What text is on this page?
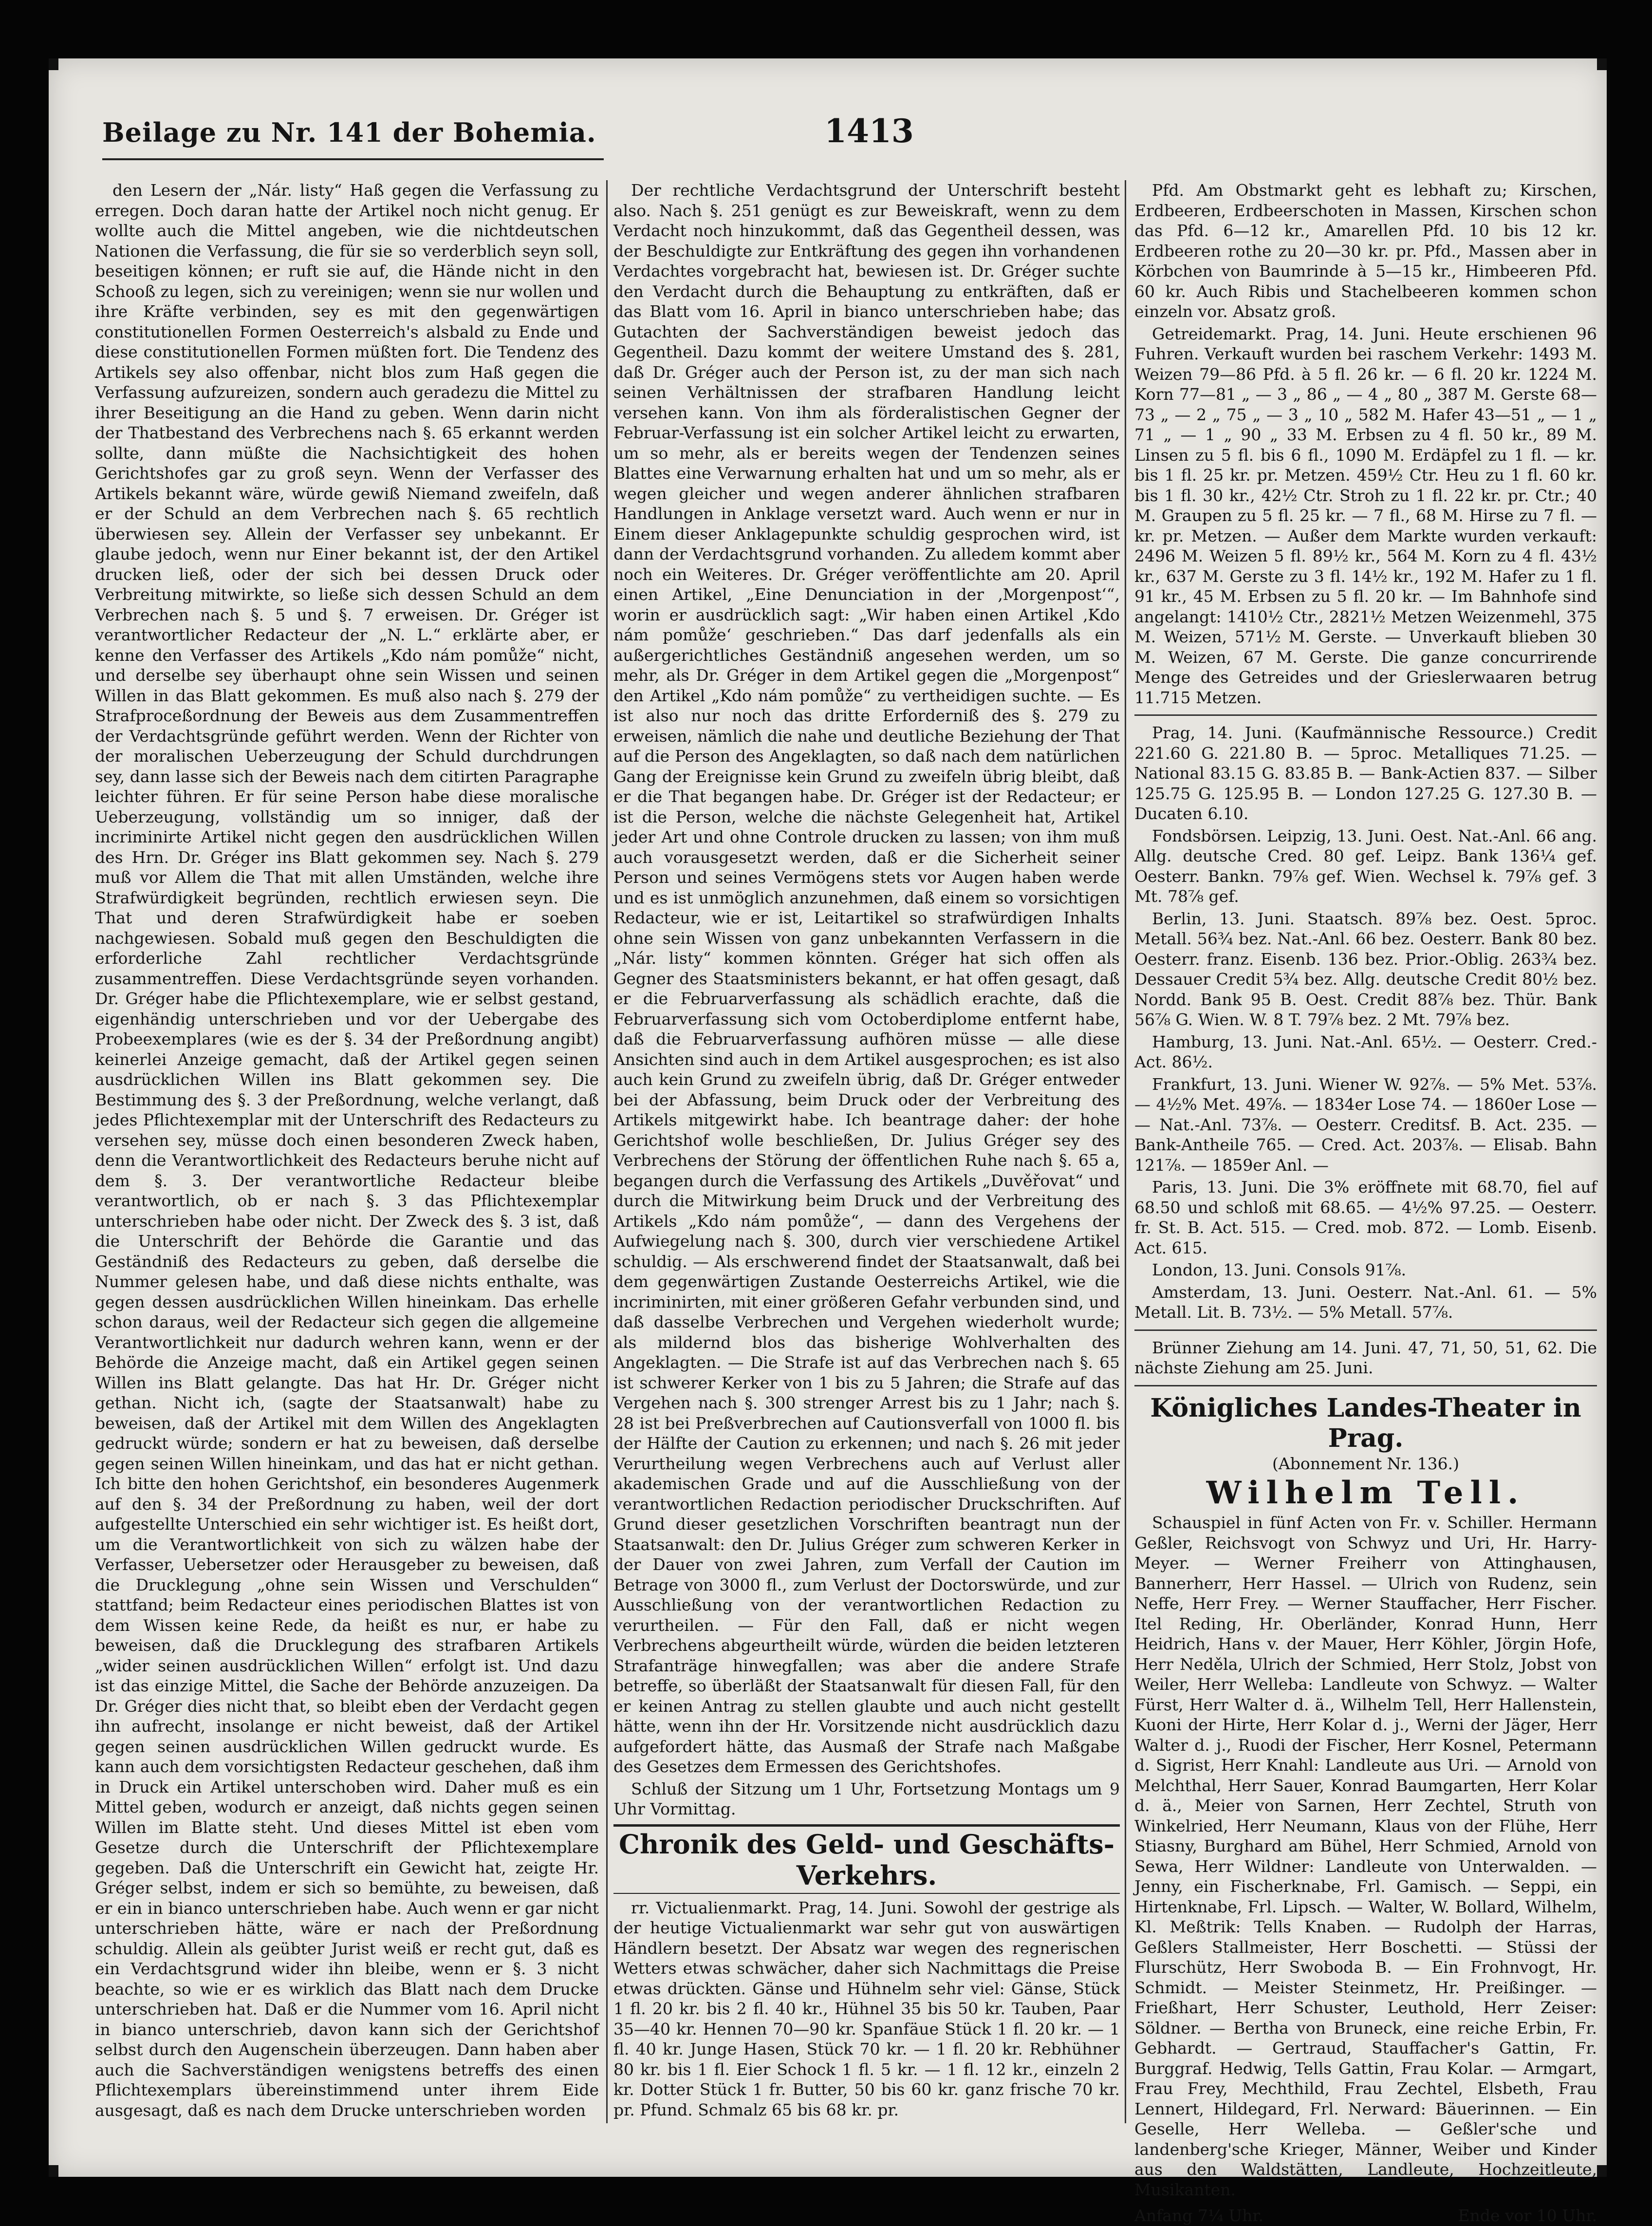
Beilage zu Nr. 141 der Bohemia.	1413

den Lesern der „Nár. listy“ Haß gegen die Verfassung zu erregen. Doch daran hatte der Artikel noch nicht genug. Er wollte auch die Mittel angeben, wie die nichtdeutschen Nationen die Verfassung, die für sie so verderblich seyn soll, beseitigen können; er ruft sie auf, die Hände nicht in den Schooß zu legen, sich zu vereinigen; wenn sie nur wollen und ihre Kräfte verbinden, sey es mit den gegenwärtigen constitutionellen Formen Oesterreich's alsbald zu Ende und diese constitutionellen Formen müßten fort. Die Tendenz des Artikels sey also offenbar, nicht blos zum Haß gegen die Verfassung aufzureizen, sondern auch geradezu die Mittel zu ihrer Beseitigung an die Hand zu geben. Wenn darin nicht der Thatbestand des Verbrechens nach §. 65 erkannt werden sollte, dann müßte die Nachsichtigkeit des hohen Gerichtshofes gar zu groß seyn. Wenn der Verfasser des Artikels bekannt wäre, würde gewiß Niemand zweifeln, daß er der Schuld an dem Verbrechen nach §. 65 rechtlich überwiesen sey. Allein der Verfasser sey unbekannt. Er glaube jedoch, wenn nur Einer bekannt ist, der den Artikel drucken ließ, oder der sich bei dessen Druck oder Verbreitung mitwirkte, so ließe sich dessen Schuld an dem Verbrechen nach §. 5 und §. 7 erweisen. Dr. Gréger ist verantwortlicher Redacteur der „N. L.“ erklärte aber, er kenne den Verfasser des Artikels „Kdo nám pomůže“ nicht, und derselbe sey überhaupt ohne sein Wissen und seinen Willen in das Blatt gekommen. Es muß also nach §. 279 der Strafproceßordnung der Beweis aus dem Zusammentreffen der Verdachtsgründe geführt werden. Wenn der Richter von der moralischen Ueberzeugung der Schuld durchdrungen sey, dann lasse sich der Beweis nach dem citirten Paragraphe leichter führen. Er für seine Person habe diese moralische Ueberzeugung, vollständig um so inniger, daß der incriminirte Artikel nicht gegen den ausdrücklichen Willen des Hrn. Dr. Gréger ins Blatt gekommen sey. Nach §. 279 muß vor Allem die That mit allen Umständen, welche ihre Strafwürdigkeit begründen, rechtlich erwiesen seyn. Die That und deren Strafwürdigkeit habe er soeben nachgewiesen. Sobald muß gegen den Beschuldigten die erforderliche Zahl rechtlicher Verdachtsgründe zusammentreffen. Diese Verdachtsgründe seyen vorhanden. Dr. Gréger habe die Pflichtexemplare, wie er selbst gestand, eigenhändig unterschrieben und vor der Uebergabe des Probeexemplares (wie es der §. 34 der Preßordnung angibt) keinerlei Anzeige gemacht, daß der Artikel gegen seinen ausdrücklichen Willen ins Blatt gekommen sey. Die Bestimmung des §. 3 der Preßordnung, welche verlangt, daß jedes Pflichtexemplar mit der Unterschrift des Redacteurs zu versehen sey, müsse doch einen besonderen Zweck haben, denn die Verantwortlichkeit des Redacteurs beruhe nicht auf dem §. 3. Der verantwortliche Redacteur bleibe verantwortlich, ob er nach §. 3 das Pflichtexemplar unterschrieben habe oder nicht. Der Zweck des §. 3 ist, daß die Unterschrift der Behörde die Garantie und das Geständniß des Redacteurs zu geben, daß derselbe die Nummer gelesen habe, und daß diese nichts enthalte, was gegen dessen ausdrücklichen Willen hineinkam. Das erhelle schon daraus, weil der Redacteur sich gegen die allgemeine Verantwortlichkeit nur dadurch wehren kann, wenn er der Behörde die Anzeige macht, daß ein Artikel gegen seinen Willen ins Blatt gelangte. Das hat Hr. Dr. Gréger nicht gethan. Nicht ich, (sagte der Staatsanwalt) habe zu beweisen, daß der Artikel mit dem Willen des Angeklagten gedruckt würde; sondern er hat zu beweisen, daß derselbe gegen seinen Willen hineinkam, und das hat er nicht gethan. Ich bitte den hohen Gerichtshof, ein besonderes Augenmerk auf den §. 34 der Preßordnung zu haben, weil der dort aufgestellte Unterschied ein sehr wichtiger ist. Es heißt dort, um die Verantwortlichkeit von sich zu wälzen habe der Verfasser, Uebersetzer oder Herausgeber zu beweisen, daß die Drucklegung „ohne sein Wissen und Verschulden“ stattfand; beim Redacteur eines periodischen Blattes ist von dem Wissen keine Rede, da heißt es nur, er habe zu beweisen, daß die Drucklegung des strafbaren Artikels „wider seinen ausdrücklichen Willen“ erfolgt ist. Und dazu ist das einzige Mittel, die Sache der Behörde anzuzeigen. Da Dr. Gréger dies nicht that, so bleibt eben der Verdacht gegen ihn aufrecht, insolange er nicht beweist, daß der Artikel gegen seinen ausdrücklichen Willen gedruckt wurde. Es kann auch dem vorsichtigsten Redacteur geschehen, daß ihm in Druck ein Artikel unterschoben wird. Daher muß es ein Mittel geben, wodurch er anzeigt, daß nichts gegen seinen Willen im Blatte steht. Und dieses Mittel ist eben vom Gesetze durch die Unterschrift der Pflichtexemplare gegeben. Daß die Unterschrift ein Gewicht hat, zeigte Hr. Gréger selbst, indem er sich so bemühte, zu beweisen, daß er ein in bianco unterschrieben habe. Auch wenn er gar nicht unterschrieben hätte, wäre er nach der Preßordnung schuldig. Allein als geübter Jurist weiß er recht gut, daß es ein Verdachtsgrund wider ihn bleibe, wenn er §. 3 nicht beachte, so wie er es wirklich das Blatt nach dem Drucke unterschrieben hat. Daß er die Nummer vom 16. April nicht in bianco unterschrieb, davon kann sich der Gerichtshof selbst durch den Augenschein überzeugen. Dann haben aber auch die Sachverständigen wenigstens betreffs des einen Pflichtexemplars übereinstimmend unter ihrem Eide ausgesagt, daß es nach dem Drucke unterschrieben worden

Der rechtliche Verdachtsgrund der Unterschrift besteht also. Nach §. 251 genügt es zur Beweiskraft, wenn zu dem Verdacht noch hinzukommt, daß das Gegentheil dessen, was der Beschuldigte zur Entkräftung des gegen ihn vorhandenen Verdachtes vorgebracht hat, bewiesen ist. Dr. Gréger suchte den Verdacht durch die Behauptung zu entkräften, daß er das Blatt vom 16. April in bianco unterschrieben habe; das Gutachten der Sachverständigen beweist jedoch das Gegentheil. Dazu kommt der weitere Umstand des §. 281, daß Dr. Gréger auch der Person ist, zu der man sich nach seinen Verhältnissen der strafbaren Handlung leicht versehen kann. Von ihm als förderalistischen Gegner der Februar-Verfassung ist ein solcher Artikel leicht zu erwarten, um so mehr, als er bereits wegen der Tendenzen seines Blattes eine Verwarnung erhalten hat und um so mehr, als er wegen gleicher und wegen anderer ähnlichen strafbaren Handlungen in Anklage versetzt ward. Auch wenn er nur in Einem dieser Anklagepunkte schuldig gesprochen wird, ist dann der Verdachtsgrund vorhanden. Zu alledem kommt aber noch ein Weiteres. Dr. Gréger veröffentlichte am 20. April einen Artikel, „Eine Denunciation in der ‚Morgenpost‘“, worin er ausdrücklich sagt: „Wir haben einen Artikel ‚Kdo nám pomůže‘ geschrieben.“ Das darf jedenfalls als ein außergerichtliches Geständniß angesehen werden, um so mehr, als Dr. Gréger in dem Artikel gegen die „Morgenpost“ den Artikel „Kdo nám pomůže“ zu vertheidigen suchte. — Es ist also nur noch das dritte Erforderniß des §. 279 zu erweisen, nämlich die nahe und deutliche Beziehung der That auf die Person des Angeklagten, so daß nach dem natürlichen Gang der Ereignisse kein Grund zu zweifeln übrig bleibt, daß er die That begangen habe. Dr. Gréger ist der Redacteur; er ist die Person, welche die nächste Gelegenheit hat, Artikel jeder Art und ohne Controle drucken zu lassen; von ihm muß auch vorausgesetzt werden, daß er die Sicherheit seiner Person und seines Vermögens stets vor Augen haben werde und es ist unmöglich anzunehmen, daß einem so vorsichtigen Redacteur, wie er ist, Leitartikel so strafwürdigen Inhalts ohne sein Wissen von ganz unbekannten Verfassern in die „Nár. listy“ kommen könnten. Gréger hat sich offen als Gegner des Staatsministers bekannt, er hat offen gesagt, daß er die Februarverfassung als schädlich erachte, daß die Februarverfassung sich vom Octoberdiplome entfernt habe, daß die Februarverfassung aufhören müsse — alle diese Ansichten sind auch in dem Artikel ausgesprochen; es ist also auch kein Grund zu zweifeln übrig, daß Dr. Gréger entweder bei der Abfassung, beim Druck oder der Verbreitung des Artikels mitgewirkt habe. Ich beantrage daher: der hohe Gerichtshof wolle beschließen, Dr. Julius Gréger sey des Verbrechens der Störung der öffentlichen Ruhe nach §. 65 a, begangen durch die Verfassung des Artikels „Duvěřovat“ und durch die Mitwirkung beim Druck und der Verbreitung des Artikels „Kdo nám pomůže“, — dann des Vergehens der Aufwiegelung nach §. 300, durch vier verschiedene Artikel schuldig. — Als erschwerend findet der Staatsanwalt, daß bei dem gegenwärtigen Zustande Oesterreichs Artikel, wie die incriminirten, mit einer größeren Gefahr verbunden sind, und daß dasselbe Verbrechen und Vergehen wiederholt wurde; als mildernd blos das bisherige Wohlverhalten des Angeklagten. — Die Strafe ist auf das Verbrechen nach §. 65 ist schwerer Kerker von 1 bis zu 5 Jahren; die Strafe auf das Vergehen nach §. 300 strenger Arrest bis zu 1 Jahr; nach §. 28 ist bei Preßverbrechen auf Cautionsverfall von 1000 fl. bis der Hälfte der Caution zu erkennen; und nach §. 26 mit jeder Verurtheilung wegen Verbrechens auch auf Verlust aller akademischen Grade und auf die Ausschließung von der verantwortlichen Redaction periodischer Druckschriften. Auf Grund dieser gesetzlichen Vorschriften beantragt nun der Staatsanwalt: den Dr. Julius Gréger zum schweren Kerker in der Dauer von zwei Jahren, zum Verfall der Caution im Betrage von 3000 fl., zum Verlust der Doctorswürde, und zur Ausschließung von der verantwortlichen Redaction zu verurtheilen. — Für den Fall, daß er nicht wegen Verbrechens abgeurtheilt würde, würden die beiden letzteren Strafanträge hinwegfallen; was aber die andere Strafe betreffe, so überläßt der Staatsanwalt für diesen Fall, für den er keinen Antrag zu stellen glaubte und auch nicht gestellt hätte, wenn ihn der Hr. Vorsitzende nicht ausdrücklich dazu aufgefordert hätte, das Ausmaß der Strafe nach Maßgabe des Gesetzes dem Ermessen des Gerichtshofes.

Schluß der Sitzung um 1 Uhr, Fortsetzung Montags um 9 Uhr Vormittag.

Chronik des Geld- und Geschäfts-Verkehrs.

rr. Victualienmarkt. Prag, 14. Juni. Sowohl der gestrige als der heutige Victualienmarkt war sehr gut von auswärtigen Händlern besetzt. Der Absatz war wegen des regnerischen Wetters etwas schwächer, daher sich Nachmittags die Preise etwas drückten. Gänse und Hühnelm sehr viel: Gänse, Stück 1 fl. 20 kr. bis 2 fl. 40 kr., Hühnel 35 bis 50 kr. Tauben, Paar 35—40 kr. Hennen 70—90 kr. Spanfäue Stück 1 fl. 20 kr. — 1 fl. 40 kr. Junge Hasen, Stück 70 kr. — 1 fl. 20 kr. Rebhühner 80 kr. bis 1 fl. Eier Schock 1 fl. 5 kr. — 1 fl. 12 kr., einzeln 2 kr. Dotter Stück 1 fr. Butter, 50 bis 60 kr. ganz frische 70 kr. pr. Pfund. Schmalz 65 bis 68 kr. pr.

Pfd. Am Obstmarkt geht es lebhaft zu; Kirschen, Erdbeeren, Erdbeerschoten in Massen, Kirschen schon das Pfd. 6—12 kr., Amarellen Pfd. 10 bis 12 kr. Erdbeeren rothe zu 20—30 kr. pr. Pfd., Massen aber in Körbchen von Baumrinde à 5—15 kr., Himbeeren Pfd. 60 kr. Auch Ribis und Stachelbeeren kommen schon einzeln vor. Absatz groß.

Getreidemarkt. Prag, 14. Juni. Heute erschienen 96 Fuhren. Verkauft wurden bei raschem Verkehr: 1493 M. Weizen 79—86 Pfd. à 5 fl. 26 kr. — 6 fl. 20 kr. 1224 M. Korn 77—81 „ — 3 „ 86 „ — 4 „ 80 „ 387 M. Gerste 68—73 „ — 2 „ 75 „ — 3 „ 10 „ 582 M. Hafer 43—51 „ — 1 „ 71 „ — 1 „ 90 „ 33 M. Erbsen zu 4 fl. 50 kr., 89 M. Linsen zu 5 fl. bis 6 fl., 1090 M. Erdäpfel zu 1 fl. — kr. bis 1 fl. 25 kr. pr. Metzen. 459½ Ctr. Heu zu 1 fl. 60 kr. bis 1 fl. 30 kr., 42½ Ctr. Stroh zu 1 fl. 22 kr. pr. Ctr.; 40 M. Graupen zu 5 fl. 25 kr. — 7 fl., 68 M. Hirse zu 7 fl. — kr. pr. Metzen. — Außer dem Markte wurden verkauft: 2496 M. Weizen 5 fl. 89½ kr., 564 M. Korn zu 4 fl. 43½ kr., 637 M. Gerste zu 3 fl. 14½ kr., 192 M. Hafer zu 1 fl. 91 kr., 45 M. Erbsen zu 5 fl. 20 kr. — Im Bahnhofe sind angelangt: 1410½ Ctr., 2821½ Metzen Weizenmehl, 375 M. Weizen, 571½ M. Gerste. — Unverkauft blieben 30 M. Weizen, 67 M. Gerste. Die ganze concurrirende Menge des Getreides und der Grieslerwaaren betrug 11.715 Metzen.

Prag, 14. Juni. (Kaufmännische Ressource.) Credit 221.60 G. 221.80 B. — 5proc. Metalliques 71.25. — National 83.15 G. 83.85 B. — Bank-Actien 837. — Silber 125.75 G. 125.95 B. — London 127.25 G. 127.30 B. — Ducaten 6.10.

Fondsbörsen. Leipzig, 13. Juni. Oest. Nat.-Anl. 66 ang. Allg. deutsche Cred. 80 gef. Leipz. Bank 136¼ gef. Oesterr. Bankn. 79⅞ gef. Wien. Wechsel k. 79⅞ gef. 3 Mt. 78⅞ gef.

Berlin, 13. Juni. Staatsch. 89⅞ bez. Oest. 5proc. Metall. 56¾ bez. Nat.-Anl. 66 bez. Oesterr. Bank 80 bez. Oesterr. franz. Eisenb. 136 bez. Prior.-Oblig. 263¾ bez. Dessauer Credit 5¾ bez. Allg. deutsche Credit 80½ bez. Nordd. Bank 95 B. Oest. Credit 88⅞ bez. Thür. Bank 56⅞ G. Wien. W. 8 T. 79⅞ bez. 2 Mt. 79⅞ bez.

Hamburg, 13. Juni. Nat.-Anl. 65½. — Oesterr. Cred.-Act. 86½.

Frankfurt, 13. Juni. Wiener W. 92⅞. — 5% Met. 53⅞. — 4½% Met. 49⅞. — 1834er Lose 74. — 1860er Lose — — Nat.-Anl. 73⅞. — Oesterr. Creditsf. B. Act. 235. — Bank-Antheile 765. — Cred. Act. 203⅞. — Elisab. Bahn 121⅞. — 1859er Anl. —

Paris, 13. Juni. Die 3% eröffnete mit 68.70, fiel auf 68.50 und schloß mit 68.65. — 4½% 97.25. — Oesterr. fr. St. B. Act. 515. — Cred. mob. 872. — Lomb. Eisenb. Act. 615.

London, 13. Juni. Consols 91⅞.

Amsterdam, 13. Juni. Oesterr. Nat.-Anl. 61. — 5% Metall. Lit. B. 73½. — 5% Metall. 57⅞.

Brünner Ziehung am 14. Juni. 47, 71, 50, 51, 62. Die nächste Ziehung am 25. Juni.

Königliches Landes-Theater in Prag.
(Abonnement Nr. 136.)
Wilhelm Tell.

Schauspiel in fünf Acten von Fr. v. Schiller. Hermann Geßler, Reichsvogt von Schwyz und Uri, Hr. Harry-Meyer. — Werner Freiherr von Attinghausen, Bannerherr, Herr Hassel. — Ulrich von Rudenz, sein Neffe, Herr Frey. — Werner Stauffacher, Herr Fischer. Itel Reding, Hr. Oberländer, Konrad Hunn, Herr Heidrich, Hans v. der Mauer, Herr Köhler, Jörgin Hofe, Herr Neděla, Ulrich der Schmied, Herr Stolz, Jobst von Weiler, Herr Welleba: Landleute von Schwyz. — Walter Fürst, Herr Walter d. ä., Wilhelm Tell, Herr Hallenstein, Kuoni der Hirte, Herr Kolar d. j., Werni der Jäger, Herr Walter d. j., Ruodi der Fischer, Herr Kosnel, Petermann d. Sigrist, Herr Knahl: Landleute aus Uri. — Arnold von Melchthal, Herr Sauer, Konrad Baumgarten, Herr Kolar d. ä., Meier von Sarnen, Herr Zechtel, Struth von Winkelried, Herr Neumann, Klaus von der Flühe, Herr Stiasny, Burghard am Bühel, Herr Schmied, Arnold von Sewa, Herr Wildner: Landleute von Unterwalden. — Jenny, ein Fischerknabe, Frl. Gamisch. — Seppi, ein Hirtenknabe, Frl. Lipsch. — Walter, W. Bollard, Wilhelm, Kl. Meßtrik: Tells Knaben. — Rudolph der Harras, Geßlers Stallmeister, Herr Boschetti. — Stüssi der Flurschütz, Herr Swoboda B. — Ein Frohnvogt, Hr. Schmidt. — Meister Steinmetz, Hr. Preißinger. — Frießhart, Herr Schuster, Leuthold, Herr Zeiser: Söldner. — Bertha von Bruneck, eine reiche Erbin, Fr. Gebhardt. — Gertraud, Stauffacher's Gattin, Fr. Burggraf. Hedwig, Tells Gattin, Frau Kolar. — Armgart, Frau Frey, Mechthild, Frau Zechtel, Elsbeth, Frau Lennert, Hildegard, Frl. Nerward: Bäuerinnen. — Ein Geselle, Herr Welleba. — Geßler'sche und landenberg'sche Krieger, Männer, Weiber und Kinder aus den Waldstätten, Landleute, Hochzeitleute, Musikanten.

Anfang 7¼ Uhr.	Ende vor 10 Uhr.
